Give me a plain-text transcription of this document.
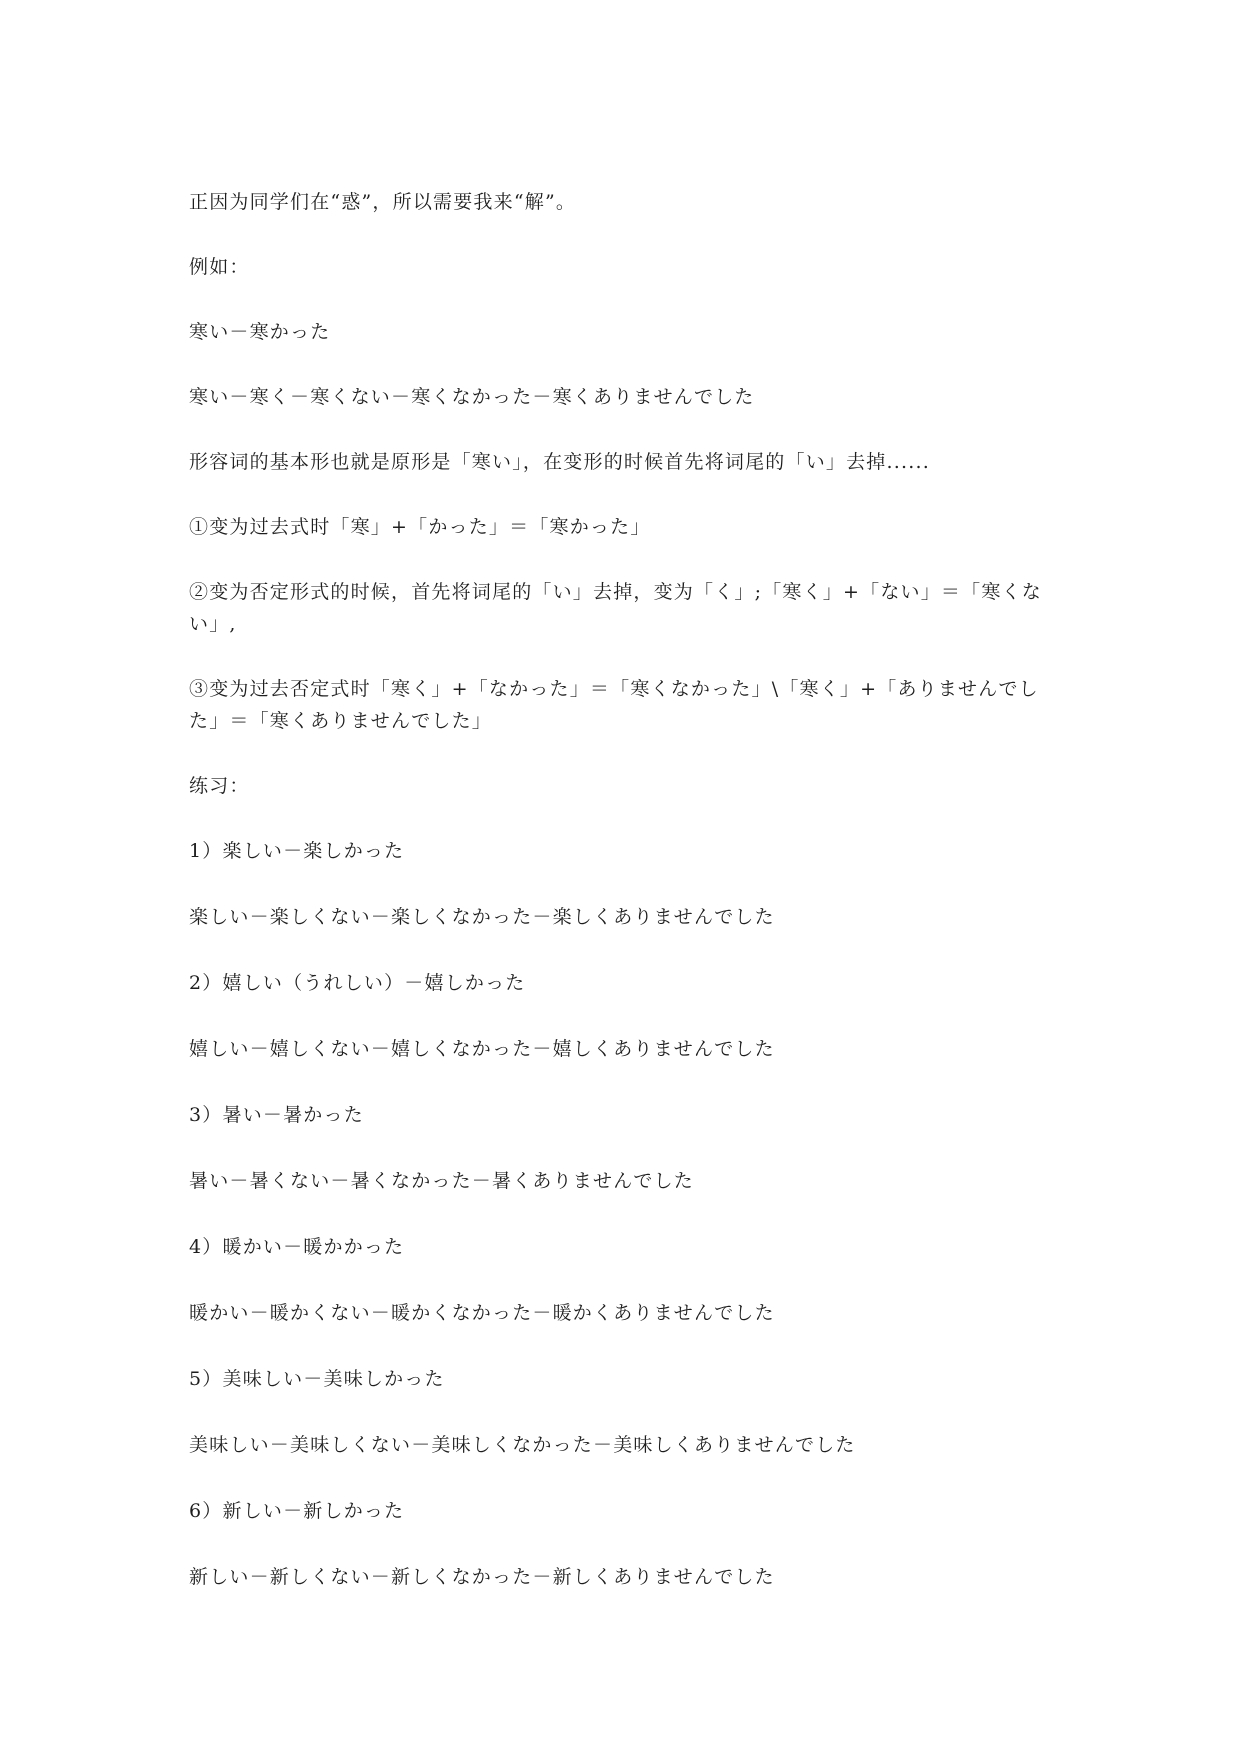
正因为同学们在“惑”，所以需要我来“解”。

例如：

寒い－寒かった

寒い－寒く－寒くない－寒くなかった－寒くありませんでした

形容词的基本形也就是原形是「寒い」，在变形的时候首先将词尾的「い」去掉......

①变为过去式时「寒」+「かった」＝「寒かった」

②变为否定形式的时候，首先将词尾的「い」去掉，变为「く」;「寒く」+「ない」＝「寒くない」,

③变为过去否定式时「寒く」+「なかった」＝「寒くなかった」\「寒く」+「ありませんでした」＝「寒くありませんでした」

练习：

1）楽しい－楽しかった

楽しい－楽しくない－楽しくなかった－楽しくありませんでした

2）嬉しい（うれしい）－嬉しかった

嬉しい－嬉しくない－嬉しくなかった－嬉しくありませんでした

3）暑い－暑かった

暑い－暑くない－暑くなかった－暑くありませんでした

4）暖かい－暖かかった

暖かい－暖かくない－暖かくなかった－暖かくありませんでした

5）美味しい－美味しかった

美味しい－美味しくない－美味しくなかった－美味しくありませんでした

6）新しい－新しかった

新しい－新しくない－新しくなかった－新しくありませんでした
